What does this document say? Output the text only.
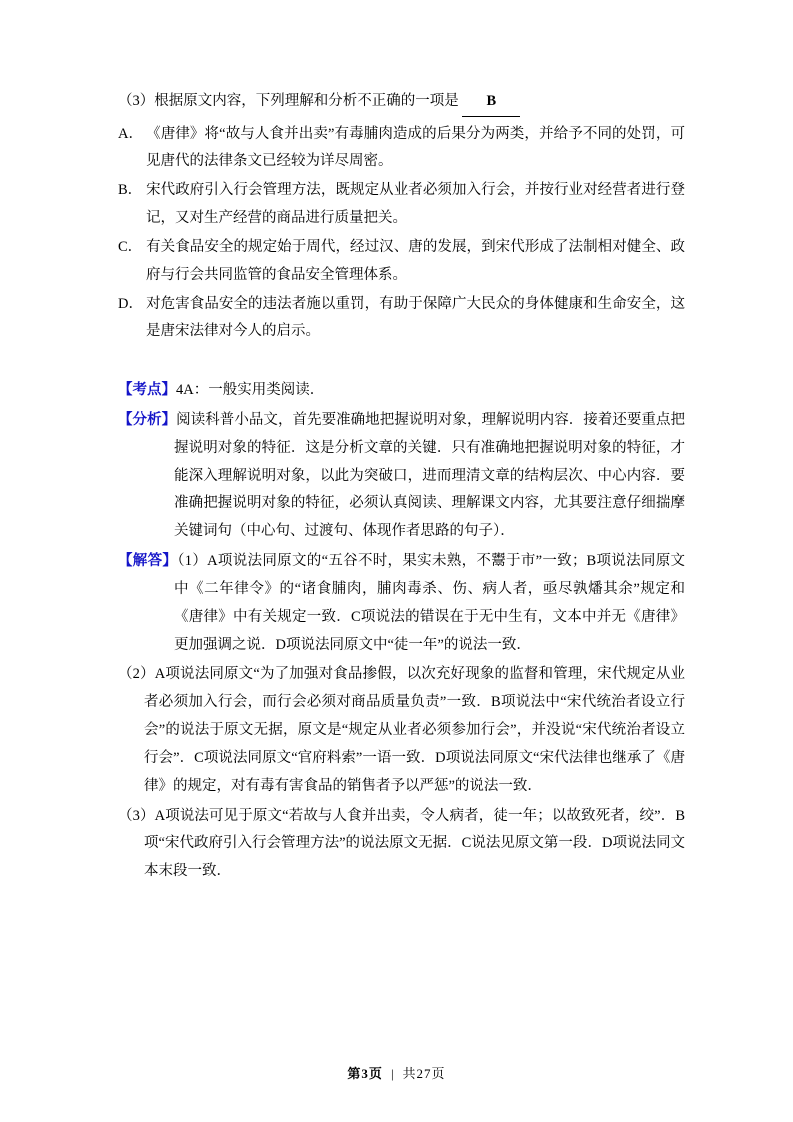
（3）根据原文内容，下列理解和分析不正确的一项是 B

A． 《唐律》将“故与人食并出卖”有毒脯肉造成的后果分为两类，并给予不同的处罚，可见唐代的法律条文已经较为详尽周密。

B． 宋代政府引入行会管理方法，既规定从业者必须加入行会，并按行业对经营者进行登记，又对生产经营的商品进行质量把关。

C． 有关食品安全的规定始于周代，经过汉、唐的发展，到宋代形成了法制相对健全、政府与行会共同监管的食品安全管理体系。

D． 对危害食品安全的违法者施以重罚，有助于保障广大民众的身体健康和生命安全，这是唐宋法律对今人的启示。

【考点】4A：一般实用类阅读．

【分析】阅读科普小品文，首先要准确地把握说明对象，理解说明内容．接着还要重点把握说明对象的特征．这是分析文章的关键．只有准确地把握说明对象的特征，才能深入理解说明对象，以此为突破口，进而理清文章的结构层次、中心内容．要准确把握说明对象的特征，必须认真阅读、理解课文内容，尤其要注意仔细揣摩关键词句（中心句、过渡句、体现作者思路的句子）．

【解答】（1）A项说法同原文的“五谷不时，果实未熟，不鬻于市”一致；B项说法同原文中《二年律令》的“诸食脯肉，脯肉毒杀、伤、病人者，亟尽孰燔其余”规定和《唐律》中有关规定一致．C项说法的错误在于无中生有，文本中并无《唐律》更加强调之说．D项说法同原文中“徒一年”的说法一致．

（2）A项说法同原文“为了加强对食品掺假，以次充好现象的监督和管理，宋代规定从业者必须加入行会，而行会必须对商品质量负责”一致．B项说法中“宋代统治者设立行会”的说法于原文无据，原文是“规定从业者必须参加行会”，并没说“宋代统治者设立行会”．C项说法同原文“官府料索”一语一致．D项说法同原文“宋代法律也继承了《唐律》的规定，对有毒有害食品的销售者予以严惩”的说法一致．

（3）A项说法可见于原文“若故与人食并出卖，令人病者，徒一年；以故致死者，绞”．B项“宋代政府引入行会管理方法”的说法原文无据．C说法见原文第一段．D项说法同文本末段一致．

第3页 | 共27页
